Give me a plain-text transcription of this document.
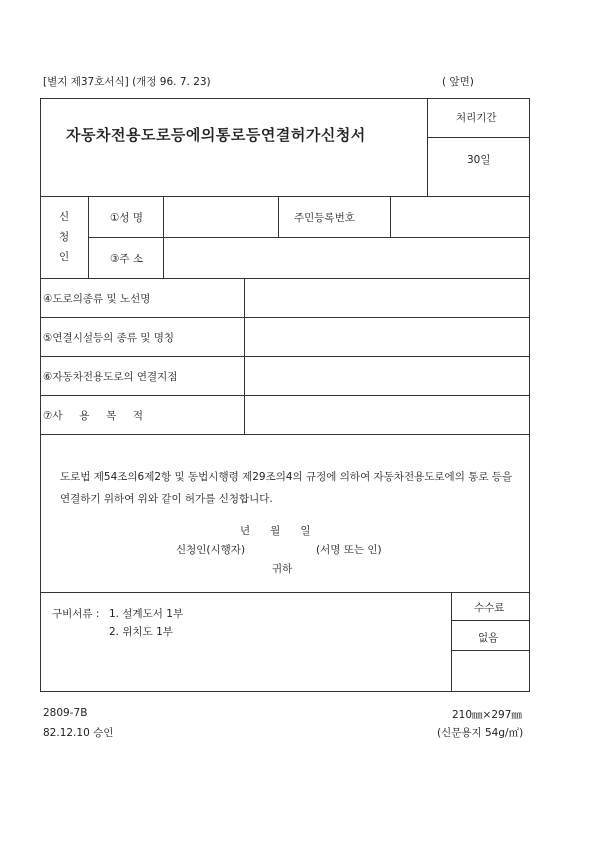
[별지 제37호서식] (개정 96. 7. 23)	( 앞면)
자동차전용도로등에의통로등연결허가신청서
처리기간
30일
신
청
인
①성 명	주민등록번호
③주 소
④도로의종류 및 노선명
⑤연결시설등의 종류 및 명칭
⑥자동차전용도로의 연결지점
⑦사     용     목     적
도로법 제54조의6제2항 및 동법시행령 제29조의4의 규정에 의하여 자동차전용도로에의 통로 등을 연결하기 위하여 위와 같이 허가를 신청합니다.
년      월      일
신청인(시행자)	(서명 또는 인)
귀하
구비서류 : 1. 설계도서 1부
2. 위치도 1부
수수료
없음
2809-7B
82.12.10 승인
210㎜×297㎜
(신문용지 54g/㎡)
